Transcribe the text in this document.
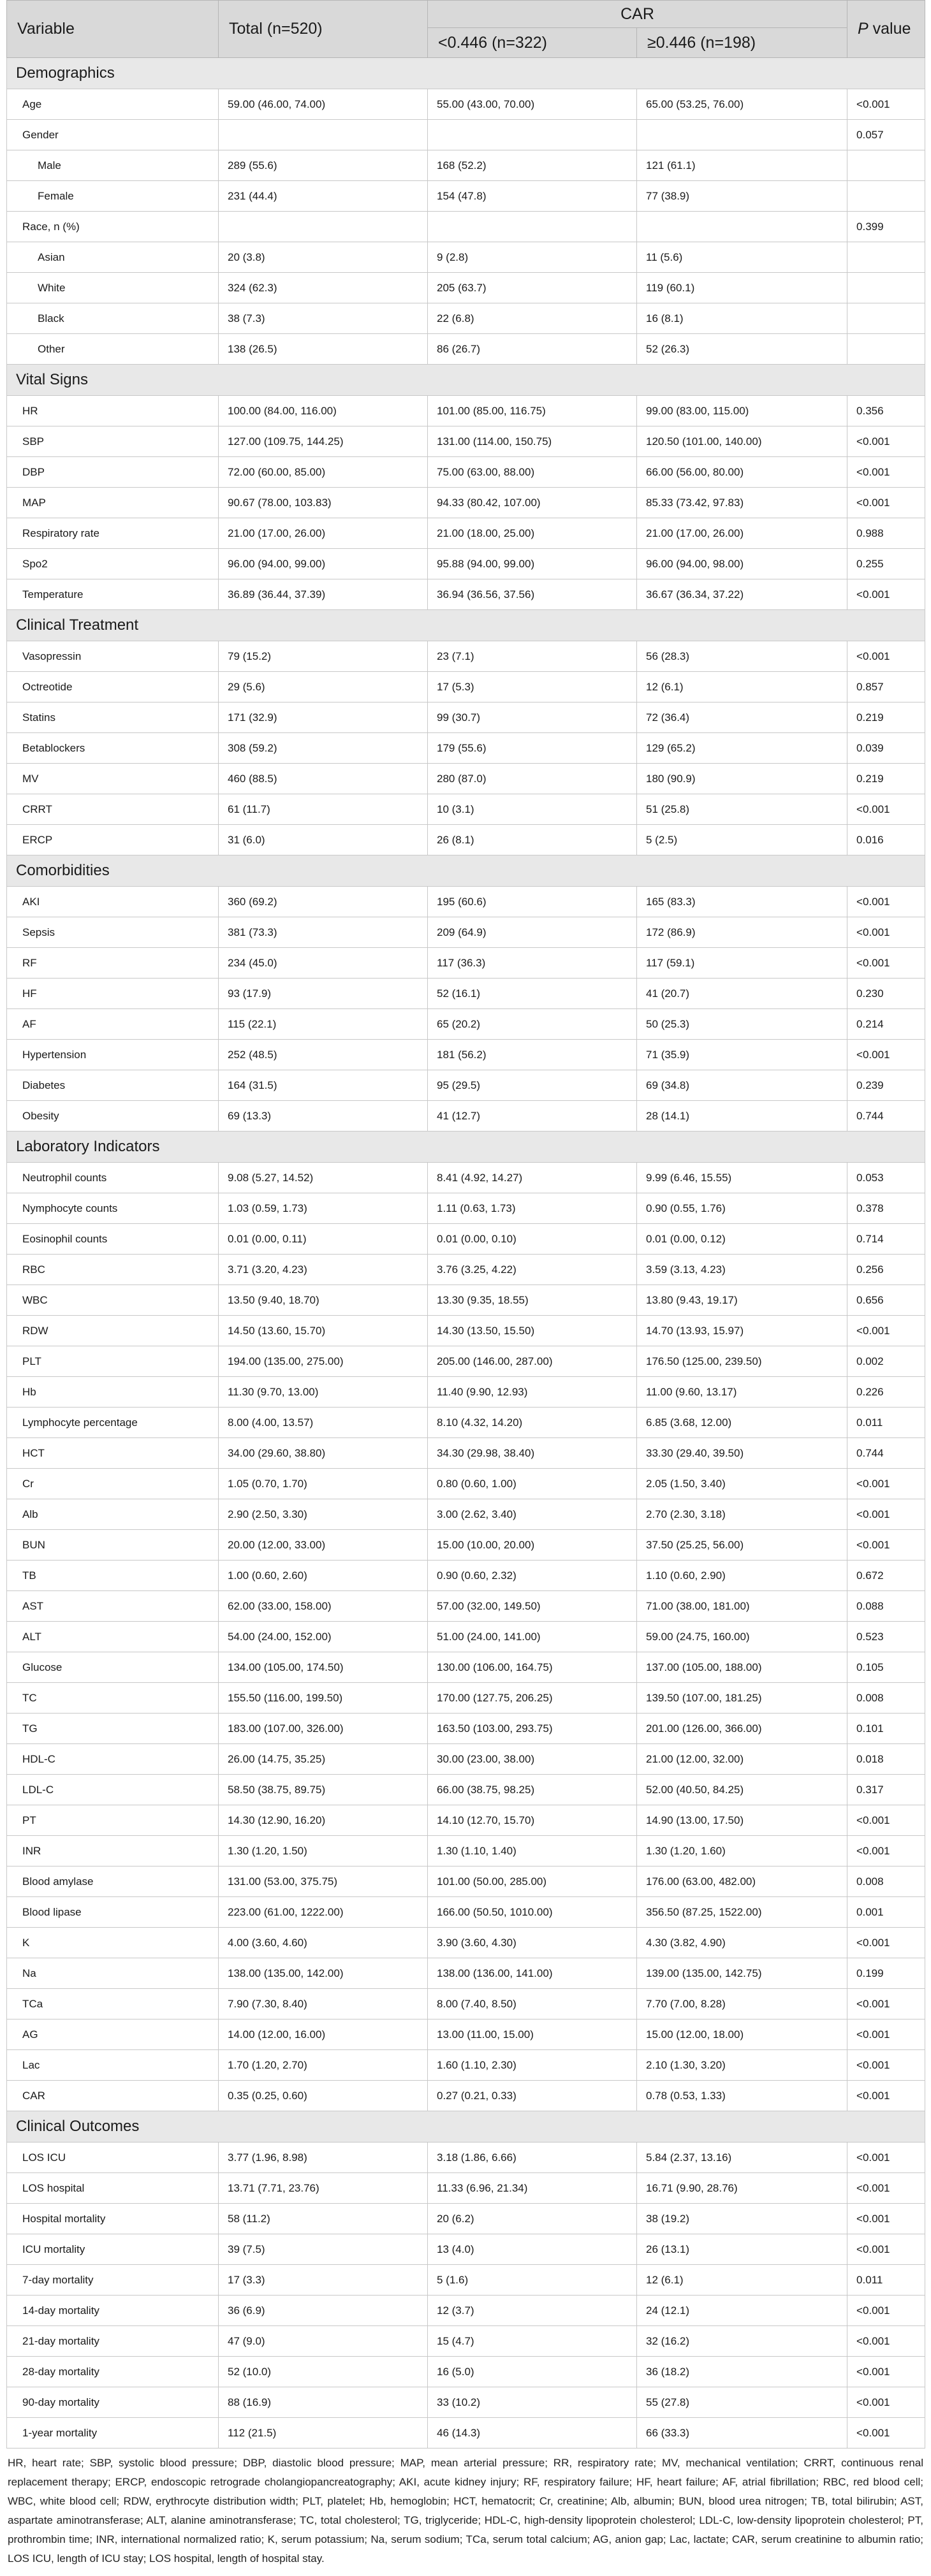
Variable	Total (n=520)	CAR		P value
		<0.446 (n=322)	≥0.446 (n=198)	
Demographics				
Age	59.00 (46.00, 74.00)	55.00 (43.00, 70.00)	65.00 (53.25, 76.00)	<0.001
Gender				0.057
Male	289 (55.6)	168 (52.2)	121 (61.1)	
Female	231 (44.4)	154 (47.8)	77 (38.9)	
Race, n (%)				0.399
Asian	20 (3.8)	9 (2.8)	11 (5.6)	
White	324 (62.3)	205 (63.7)	119 (60.1)	
Black	38 (7.3)	22 (6.8)	16 (8.1)	
Other	138 (26.5)	86 (26.7)	52 (26.3)	
Vital Signs				
HR	100.00 (84.00, 116.00)	101.00 (85.00, 116.75)	99.00 (83.00, 115.00)	0.356
SBP	127.00 (109.75, 144.25)	131.00 (114.00, 150.75)	120.50 (101.00, 140.00)	<0.001
DBP	72.00 (60.00, 85.00)	75.00 (63.00, 88.00)	66.00 (56.00, 80.00)	<0.001
MAP	90.67 (78.00, 103.83)	94.33 (80.42, 107.00)	85.33 (73.42, 97.83)	<0.001
Respiratory rate	21.00 (17.00, 26.00)	21.00 (18.00, 25.00)	21.00 (17.00, 26.00)	0.988
Spo2	96.00 (94.00, 99.00)	95.88 (94.00, 99.00)	96.00 (94.00, 98.00)	0.255
Temperature	36.89 (36.44, 37.39)	36.94 (36.56, 37.56)	36.67 (36.34, 37.22)	<0.001
Clinical Treatment				
Vasopressin	79 (15.2)	23 (7.1)	56 (28.3)	<0.001
Octreotide	29 (5.6)	17 (5.3)	12 (6.1)	0.857
Statins	171 (32.9)	99 (30.7)	72 (36.4)	0.219
Betablockers	308 (59.2)	179 (55.6)	129 (65.2)	0.039
MV	460 (88.5)	280 (87.0)	180 (90.9)	0.219
CRRT	61 (11.7)	10 (3.1)	51 (25.8)	<0.001
ERCP	31 (6.0)	26 (8.1)	5 (2.5)	0.016
Comorbidities				
AKI	360 (69.2)	195 (60.6)	165 (83.3)	<0.001
Sepsis	381 (73.3)	209 (64.9)	172 (86.9)	<0.001
RF	234 (45.0)	117 (36.3)	117 (59.1)	<0.001
HF	93 (17.9)	52 (16.1)	41 (20.7)	0.230
AF	115 (22.1)	65 (20.2)	50 (25.3)	0.214
Hypertension	252 (48.5)	181 (56.2)	71 (35.9)	<0.001
Diabetes	164 (31.5)	95 (29.5)	69 (34.8)	0.239
Obesity	69 (13.3)	41 (12.7)	28 (14.1)	0.744
Laboratory Indicators				
Neutrophil counts	9.08 (5.27, 14.52)	8.41 (4.92, 14.27)	9.99 (6.46, 15.55)	0.053
Nymphocyte counts	1.03 (0.59, 1.73)	1.11 (0.63, 1.73)	0.90 (0.55, 1.76)	0.378
Eosinophil counts	0.01 (0.00, 0.11)	0.01 (0.00, 0.10)	0.01 (0.00, 0.12)	0.714
RBC	3.71 (3.20, 4.23)	3.76 (3.25, 4.22)	3.59 (3.13, 4.23)	0.256
WBC	13.50 (9.40, 18.70)	13.30 (9.35, 18.55)	13.80 (9.43, 19.17)	0.656
RDW	14.50 (13.60, 15.70)	14.30 (13.50, 15.50)	14.70 (13.93, 15.97)	<0.001
PLT	194.00 (135.00, 275.00)	205.00 (146.00, 287.00)	176.50 (125.00, 239.50)	0.002
Hb	11.30 (9.70, 13.00)	11.40 (9.90, 12.93)	11.00 (9.60, 13.17)	0.226
Lymphocyte percentage	8.00 (4.00, 13.57)	8.10 (4.32, 14.20)	6.85 (3.68, 12.00)	0.011
HCT	34.00 (29.60, 38.80)	34.30 (29.98, 38.40)	33.30 (29.40, 39.50)	0.744
Cr	1.05 (0.70, 1.70)	0.80 (0.60, 1.00)	2.05 (1.50, 3.40)	<0.001
Alb	2.90 (2.50, 3.30)	3.00 (2.62, 3.40)	2.70 (2.30, 3.18)	<0.001
BUN	20.00 (12.00, 33.00)	15.00 (10.00, 20.00)	37.50 (25.25, 56.00)	<0.001
TB	1.00 (0.60, 2.60)	0.90 (0.60, 2.32)	1.10 (0.60, 2.90)	0.672
AST	62.00 (33.00, 158.00)	57.00 (32.00, 149.50)	71.00 (38.00, 181.00)	0.088
ALT	54.00 (24.00, 152.00)	51.00 (24.00, 141.00)	59.00 (24.75, 160.00)	0.523
Glucose	134.00 (105.00, 174.50)	130.00 (106.00, 164.75)	137.00 (105.00, 188.00)	0.105
TC	155.50 (116.00, 199.50)	170.00 (127.75, 206.25)	139.50 (107.00, 181.25)	0.008
TG	183.00 (107.00, 326.00)	163.50 (103.00, 293.75)	201.00 (126.00, 366.00)	0.101
HDL-C	26.00 (14.75, 35.25)	30.00 (23.00, 38.00)	21.00 (12.00, 32.00)	0.018
LDL-C	58.50 (38.75, 89.75)	66.00 (38.75, 98.25)	52.00 (40.50, 84.25)	0.317
PT	14.30 (12.90, 16.20)	14.10 (12.70, 15.70)	14.90 (13.00, 17.50)	<0.001
INR	1.30 (1.20, 1.50)	1.30 (1.10, 1.40)	1.30 (1.20, 1.60)	<0.001
Blood amylase	131.00 (53.00, 375.75)	101.00 (50.00, 285.00)	176.00 (63.00, 482.00)	0.008
Blood lipase	223.00 (61.00, 1222.00)	166.00 (50.50, 1010.00)	356.50 (87.25, 1522.00)	0.001
K	4.00 (3.60, 4.60)	3.90 (3.60, 4.30)	4.30 (3.82, 4.90)	<0.001
Na	138.00 (135.00, 142.00)	138.00 (136.00, 141.00)	139.00 (135.00, 142.75)	0.199
TCa	7.90 (7.30, 8.40)	8.00 (7.40, 8.50)	7.70 (7.00, 8.28)	<0.001
AG	14.00 (12.00, 16.00)	13.00 (11.00, 15.00)	15.00 (12.00, 18.00)	<0.001
Lac	1.70 (1.20, 2.70)	1.60 (1.10, 2.30)	2.10 (1.30, 3.20)	<0.001
CAR	0.35 (0.25, 0.60)	0.27 (0.21, 0.33)	0.78 (0.53, 1.33)	<0.001
Clinical Outcomes				
LOS ICU	3.77 (1.96, 8.98)	3.18 (1.86, 6.66)	5.84 (2.37, 13.16)	<0.001
LOS hospital	13.71 (7.71, 23.76)	11.33 (6.96, 21.34)	16.71 (9.90, 28.76)	<0.001
Hospital mortality	58 (11.2)	20 (6.2)	38 (19.2)	<0.001
ICU mortality	39 (7.5)	13 (4.0)	26 (13.1)	<0.001
7-day mortality	17 (3.3)	5 (1.6)	12 (6.1)	0.011
14-day mortality	36 (6.9)	12 (3.7)	24 (12.1)	<0.001
21-day mortality	47 (9.0)	15 (4.7)	32 (16.2)	<0.001
28-day mortality	52 (10.0)	16 (5.0)	36 (18.2)	<0.001
90-day mortality	88 (16.9)	33 (10.2)	55 (27.8)	<0.001
1-year mortality	112 (21.5)	46 (14.3)	66 (33.3)	<0.001
HR, heart rate; SBP, systolic blood pressure; DBP, diastolic blood pressure; MAP, mean arterial pressure; RR, respiratory rate; MV, mechanical ventilation; CRRT, continuous renal replacement therapy; ERCP, endoscopic retrograde cholangiopancreatography; AKI, acute kidney injury; RF, respiratory failure; HF, heart failure; AF, atrial fibrillation; RBC, red blood cell; WBC, white blood cell; RDW, erythrocyte distribution width; PLT, platelet; Hb, hemoglobin; HCT, hematocrit; Cr, creatinine; Alb, albumin; BUN, blood urea nitrogen; TB, total bilirubin; AST, aspartate aminotransferase; ALT, alanine aminotransferase; TC, total cholesterol; TG, triglyceride; HDL-C, high-density lipoprotein cholesterol; LDL-C, low-density lipoprotein cholesterol; PT, prothrombin time; INR, international normalized ratio; K, serum potassium; Na, serum sodium; TCa, serum total calcium; AG, anion gap; Lac, lactate; CAR, serum creatinine to albumin ratio; LOS ICU, length of ICU stay; LOS hospital, length of hospital stay.
